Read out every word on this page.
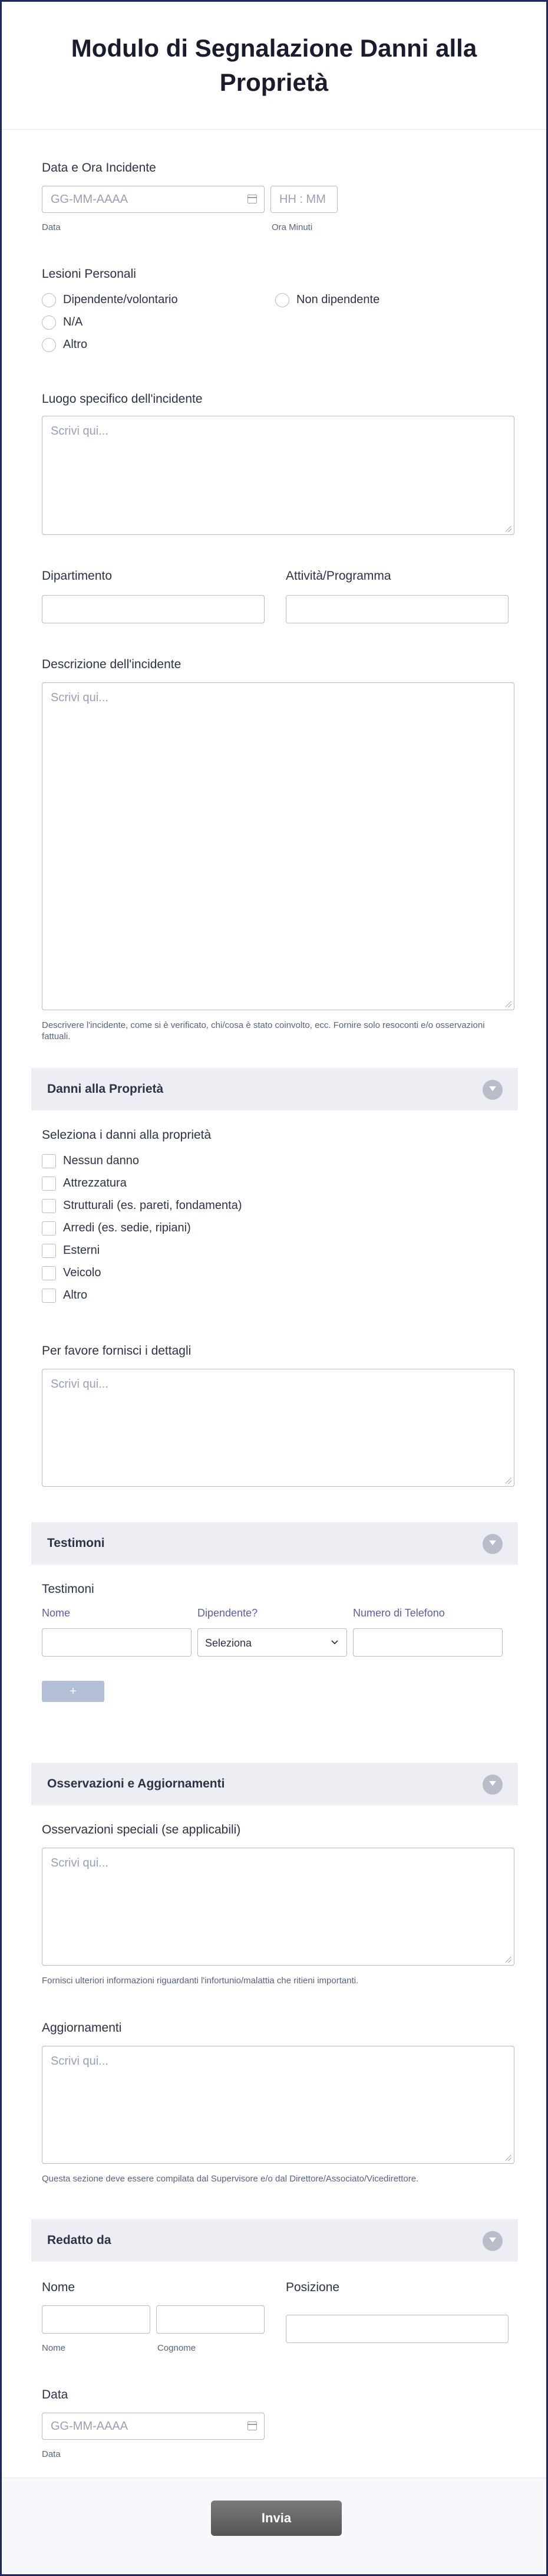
Modulo di Segnalazione Danni alla
Proprietà
Data e Ora Incidente
GG-MM-AAAA	HH : MM
Data	Ora Minuti
Lesioni Personali
Dipendente/volontario	Non dipendente
N/A
Altro
Luogo specifico dell'incidente
Scrivi qui...
Dipartimento	Attività/Programma
Descrizione dell'incidente
Scrivi qui...
Descrivere l'incidente, come si è verificato, chi/cosa è stato coinvolto, ecc. Fornire solo resoconti e/o osservazioni
fattuali.
Danni alla Proprietà
Seleziona i danni alla proprietà
Nessun danno
Attrezzatura
Strutturali (es. pareti, fondamenta)
Arredi (es. sedie, ripiani)
Esterni
Veicolo
Altro
Per favore fornisci i dettagli
Scrivi qui...
Testimoni
Testimoni
Nome	Dipendente?	Numero di Telefono
Seleziona
+
Osservazioni e Aggiornamenti
Osservazioni speciali (se applicabili)
Scrivi qui...
Fornisci ulteriori informazioni riguardanti l'infortunio/malattia che ritieni importanti.
Aggiornamenti
Scrivi qui...
Questa sezione deve essere compilata dal Supervisore e/o dal Direttore/Associato/Vicedirettore.
Redatto da
Nome
Nome	Cognome
Posizione
Data
GG-MM-AAAA
Data
Invia
